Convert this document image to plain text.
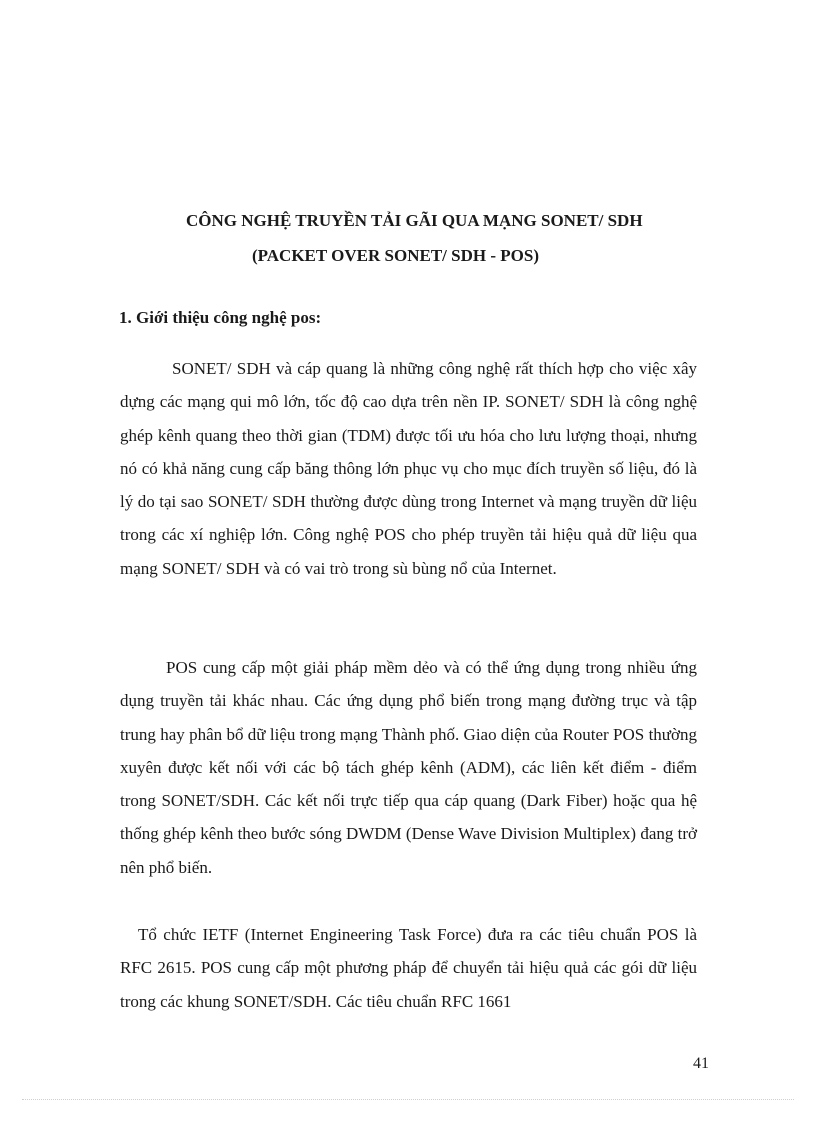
CÔNG NGHỆ TRUYỀN TẢI GÃI QUA MẠNG SONET/ SDH
(PACKET OVER SONET/ SDH - POS)
1. Giới thiệu công nghệ pos:

SONET/ SDH và cáp quang là những công nghệ rất thích hợp cho việc xây dựng các mạng qui mô lớn, tốc độ cao dựa trên nền IP. SONET/ SDH là công nghệ ghép kênh quang theo thời gian (TDM) được tối ưu hóa cho lưu lượng thoại, nhưng nó có khả năng cung cấp băng thông lớn phục vụ cho mục đích truyền số liệu, đó là lý do tại sao SONET/ SDH thường được dùng trong Internet và mạng truyền dữ liệu trong các xí nghiệp lớn. Công nghệ POS cho phép truyền tải hiệu quả dữ liệu qua mạng SONET/ SDH và có vai trò trong sù bùng nổ của Internet.

POS cung cấp một giải pháp mềm dẻo và có thể ứng dụng trong nhiều ứng dụng truyền tải khác nhau. Các ứng dụng phổ biến trong mạng đường trục và tập trung hay phân bổ dữ liệu trong mạng Thành phố. Giao diện của Router POS thường xuyên được kết nối với các bộ tách ghép kênh (ADM), các liên kết điểm - điểm trong SONET/SDH. Các kết nối trực tiếp qua cáp quang (Dark Fiber) hoặc qua hệ thống ghép kênh theo bước sóng DWDM (Dense Wave Division Multiplex) đang trở nên phổ biến.

Tổ chức IETF (Internet Engineering Task Force) đưa ra các tiêu chuẩn POS là RFC 2615. POS cung cấp một phương pháp để chuyển tải hiệu quả các gói dữ liệu trong các khung SONET/SDH. Các tiêu chuẩn RFC 1661

41
